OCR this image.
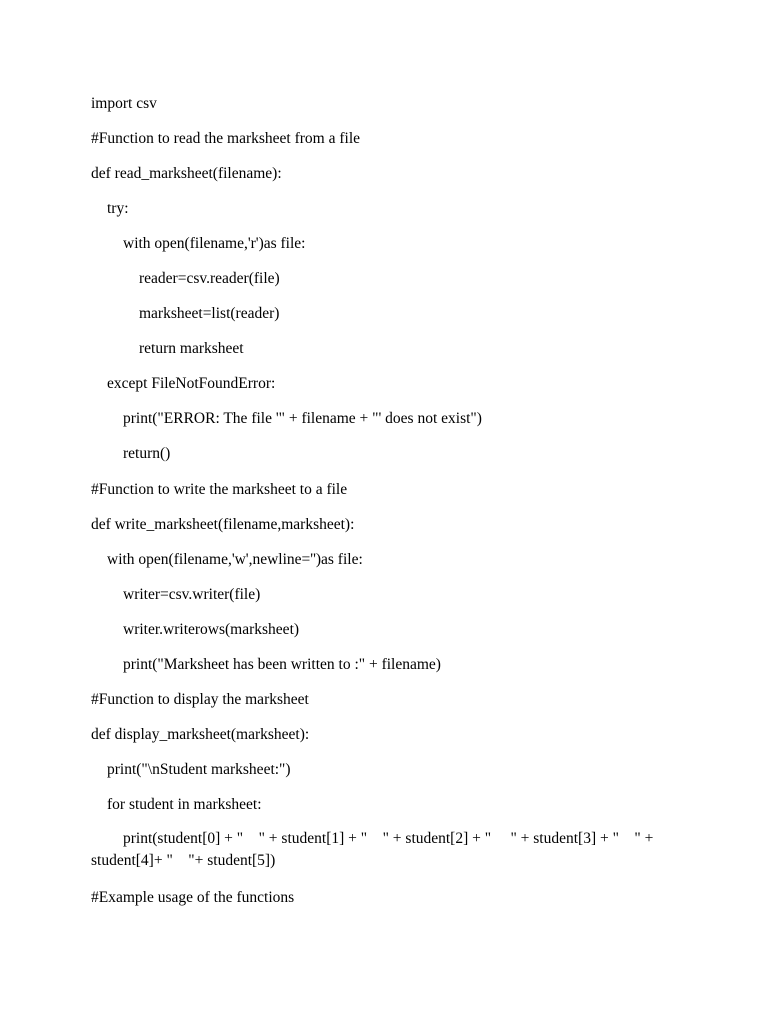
import csv
#Function to read the marksheet from a file
def read_marksheet(filename):
try:
with open(filename,'r')as file:
reader=csv.reader(file)
marksheet=list(reader)
return marksheet
except FileNotFoundError:
print("ERROR: The file '" + filename + "' does not exist")
return()
#Function to write the marksheet to a file
def write_marksheet(filename,marksheet):
with open(filename,'w',newline='')as file:
writer=csv.writer(file)
writer.writerows(marksheet)
print("Marksheet has been written to :" + filename)
#Function to display the marksheet
def display_marksheet(marksheet):
print("\nStudent marksheet:")
for student in marksheet:
print(student[0] + "    " + student[1] + "    " + student[2] + "     " + student[3] + "    " + student[4]+ "    "+ student[5])
#Example usage of the functions
